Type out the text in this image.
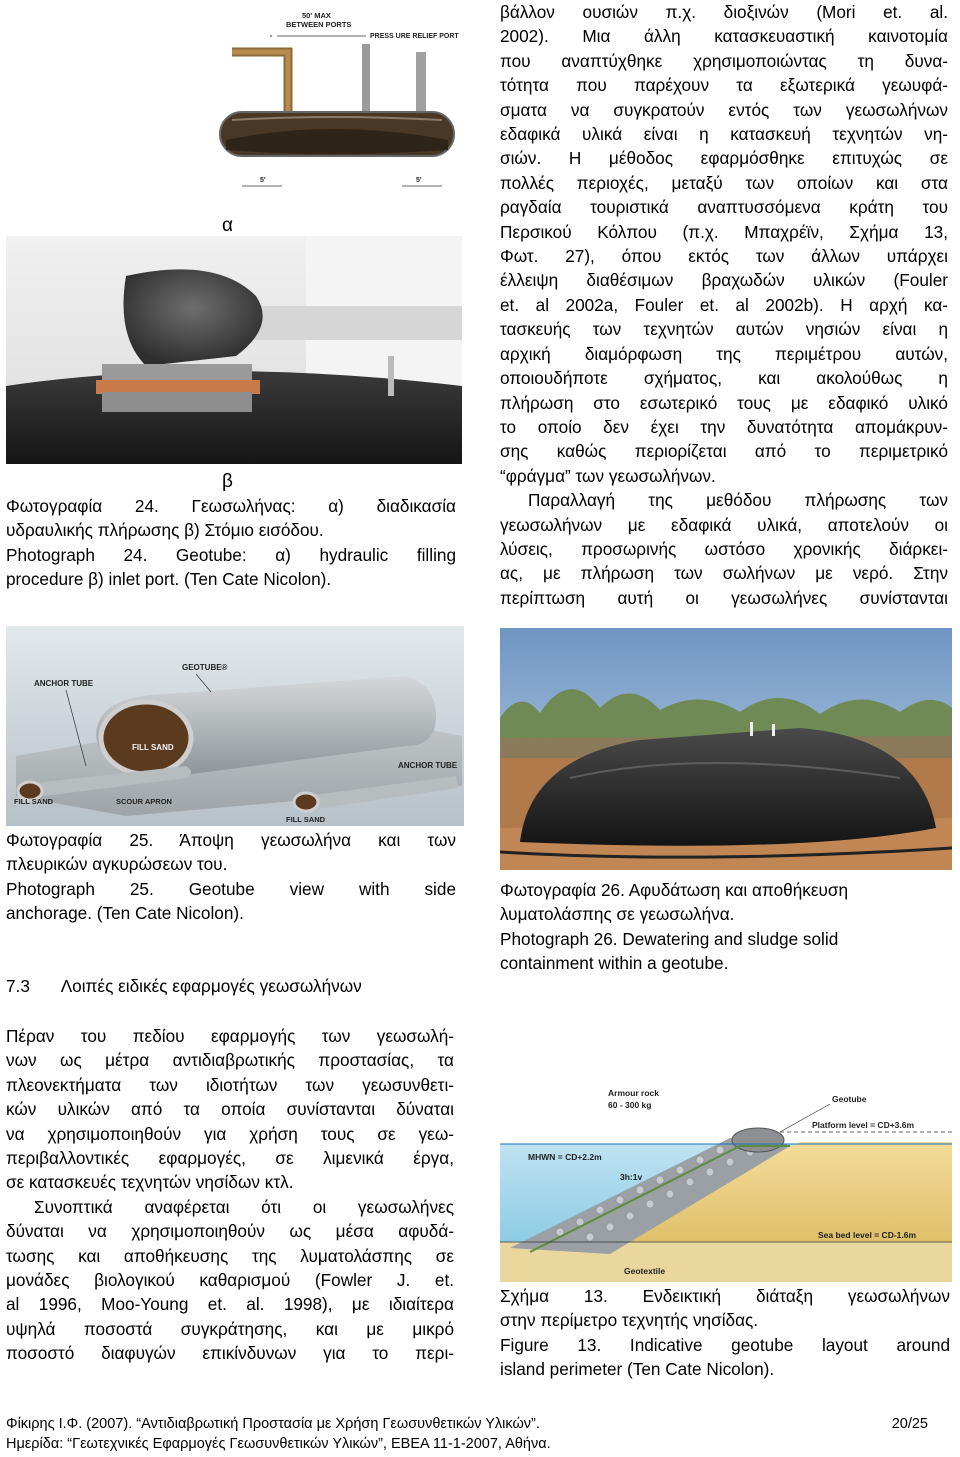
50' MAX
BETWEEN PORTS
PRESS URE RELIEF PORT
5'	5'
α
β
Φωτογραφία 24. Γεωσωλήνας: α) διαδικασία
υδραυλικής πλήρωσης β) Στόμιο εισόδου.
Photograph 24. Geotube: α) hydraulic filling
procedure β) inlet port. (Ten Cate Nicolon).
βάλλον ουσιών π.χ. διοξινών (Mori et. al.
2002). Μια άλλη κατασκευαστική καινοτομία
που αναπτύχθηκε χρησιμοποιώντας τη δυνα-
τότητα που παρέχουν τα εξωτερικά γεωυφά-
σματα να συγκρατούν εντός των γεωσωλήνων
εδαφικά υλικά είναι η κατασκευή τεχνητών νη-
σιών. Η μέθοδος εφαρμόσθηκε επιτυχώς σε
πολλές περιοχές, μεταξύ των οποίων και στα
ραγδαία τουριστικά αναπτυσσόμενα κράτη του
Περσικού Κόλπου (π.χ. Μπαχρέϊν, Σχήμα 13,
Φωτ. 27), όπου εκτός των άλλων υπάρχει
έλλειψη διαθέσιμων βραχωδών υλικών (Fouler
et. al 2002a, Fouler et. al 2002b). Η αρχή κα-
τασκευής των τεχνητών αυτών νησιών είναι η
αρχική διαμόρφωση της περιμέτρου αυτών,
οποιουδήποτε σχήματος, και ακολούθως η
πλήρωση στο εσωτερικό τους με εδαφικό υλικό
το οποίο δεν έχει την δυνατότητα απομάκρυν-
σης καθώς περιορίζεται από το περιμετρικό
“φράγμα” των γεωσωλήνων.
Παραλλαγή της μεθόδου πλήρωσης των
γεωσωλήνων με εδαφικά υλικά, αποτελούν οι
λύσεις, προσωρινής ωστόσο χρονικής διάρκει-
ας, με πλήρωση των σωλήνων με νερό. Στην
περίπτωση αυτή οι γεωσωλήνες συνίστανται
GEOTUBE®
ANCHOR TUBE
FILL SAND
ANCHOR TUBE
FILL SAND	SCOUR APRON
FILL SAND
Φωτογραφία 25. Άποψη γεωσωλήνα και των
πλευρικών αγκυρώσεων του.
Photograph 25. Geotube view with side
anchorage. (Ten Cate Nicolon).
Φωτογραφία 26. Αφυδάτωση και αποθήκευση
λυματολάσπης σε γεωσωλήνα.
Photograph 26. Dewatering and sludge solid
containment within a geotube.
7.3 Λοιπές ειδικές εφαρμογές γεωσωλήνων
Πέραν του πεδίου εφαρμογής των γεωσωλή-
νων ως μέτρα αντιδιαβρωτικής προστασίας, τα
πλεονεκτήματα των ιδιοτήτων των γεωσυνθετι-
κών υλικών από τα οποία συνίστανται δύναται
να χρησιμοποιηθούν για χρήση τους σε γεω-
περιβαλλοντικές εφαρμογές, σε λιμενικά έργα,
σε κατασκευές τεχνητών νησίδων κτλ.
Συνοπτικά αναφέρεται ότι οι γεωσωλήνες
δύναται να χρησιμοποιηθούν ως μέσα αφυδά-
τωσης και αποθήκευσης της λυματολάσπης σε
μονάδες βιολογικού καθαρισμού (Fowler J. et.
al 1996, Moo-Young et. al. 1998), με ιδιαίτερα
υψηλά ποσοστά συγκράτησης, και με μικρό
ποσοστό διαφυγών επικίνδυνων για το περι-
Armour rock
60 - 300 kg
Geotube
Platform level = CD+3.6m
MHWN = CD+2.2m
3h:1v
Sea bed level = CD-1.6m
Geotextile
Σχήμα 13. Ενδεικτική διάταξη γεωσωλήνων
στην περίμετρο τεχνητής νησίδας.
Figure 13. Indicative geotube layout around
island perimeter (Ten Cate Nicolon).
Φίκιρης Ι.Φ. (2007). “Αντιδιαβρωτική Προστασία με Χρήση Γεωσυνθετικών Υλικών”.	20/25
Ημερίδα: “Γεωτεχνικές Εφαρμογές Γεωσυνθετικών Υλικών”, ΕΒΕΑ 11-1-2007, Αθήνα.
